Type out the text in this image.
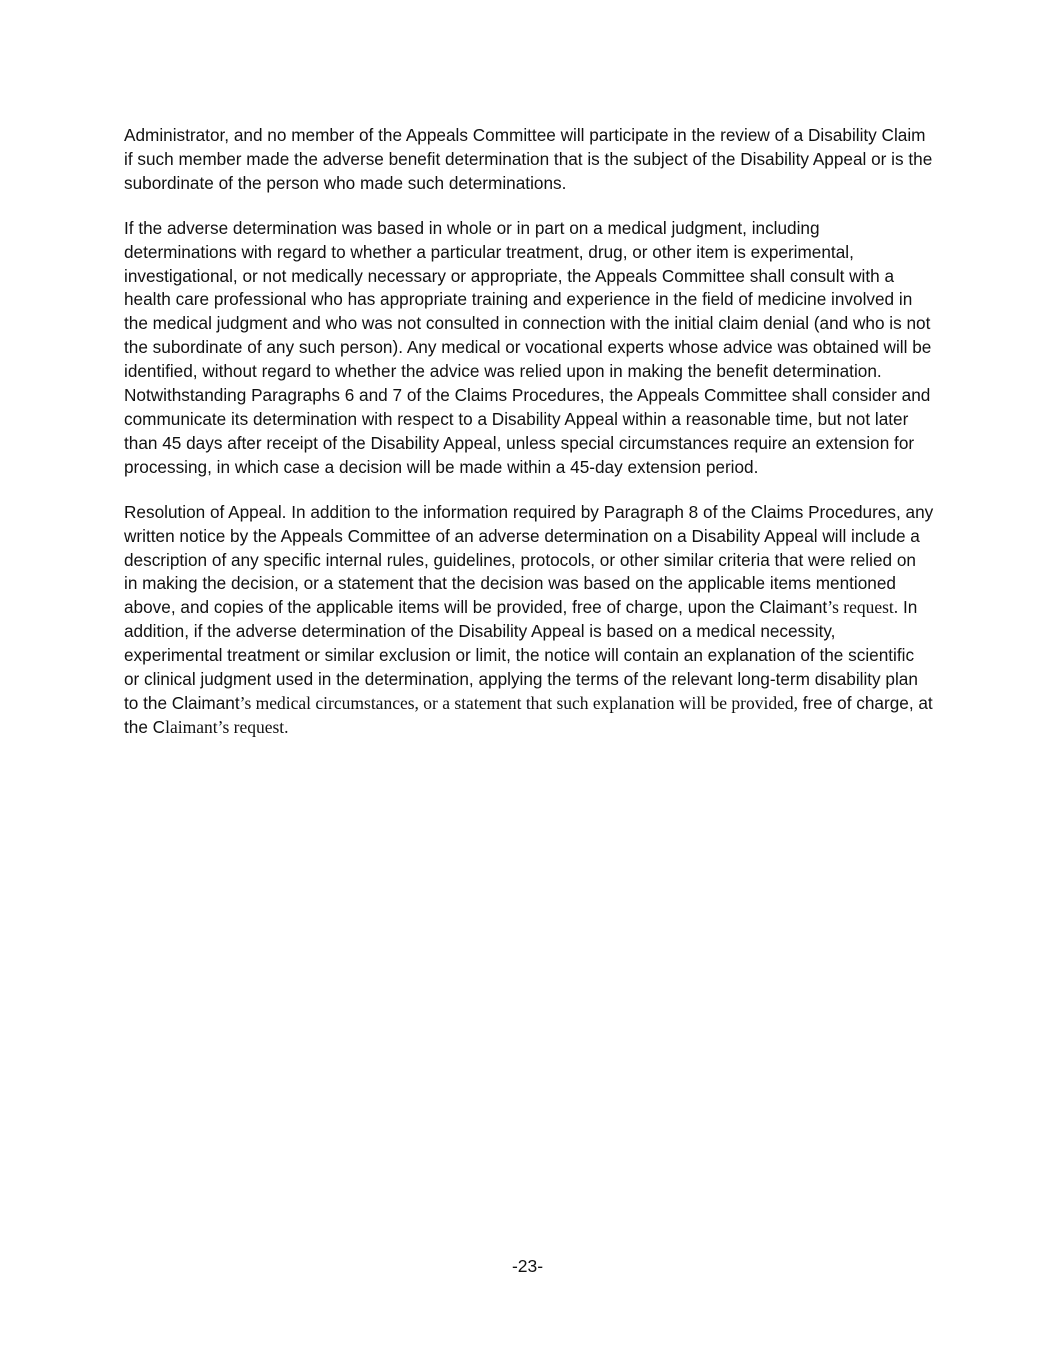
Administrator, and no member of the Appeals Committee will participate in the review of a Disability Claim if such member made the adverse benefit determination that is the subject of the Disability Appeal or is the subordinate of the person who made such determinations.

If the adverse determination was based in whole or in part on a medical judgment, including determinations with regard to whether a particular treatment, drug, or other item is experimental, investigational, or not medically necessary or appropriate, the Appeals Committee shall consult with a health care professional who has appropriate training and experience in the field of medicine involved in the medical judgment and who was not consulted in connection with the initial claim denial (and who is not the subordinate of any such person). Any medical or vocational experts whose advice was obtained will be identified, without regard to whether the advice was relied upon in making the benefit determination. Notwithstanding Paragraphs 6 and 7 of the Claims Procedures, the Appeals Committee shall consider and communicate its determination with respect to a Disability Appeal within a reasonable time, but not later than 45 days after receipt of the Disability Appeal, unless special circumstances require an extension for processing, in which case a decision will be made within a 45-day extension period.

Resolution of Appeal. In addition to the information required by Paragraph 8 of the Claims Procedures, any written notice by the Appeals Committee of an adverse determination on a Disability Appeal will include a description of any specific internal rules, guidelines, protocols, or other similar criteria that were relied on in making the decision, or a statement that the decision was based on the applicable items mentioned above, and copies of the applicable items will be provided, free of charge, upon the Claimant’s request. In addition, if the adverse determination of the Disability Appeal is based on a medical necessity, experimental treatment or similar exclusion or limit, the notice will contain an explanation of the scientific or clinical judgment used in the determination, applying the terms of the relevant long-term disability plan to the Claimant’s medical circumstances, or a statement that such explanation will be provided, free of charge, at the Claimant’s request.

-23-
